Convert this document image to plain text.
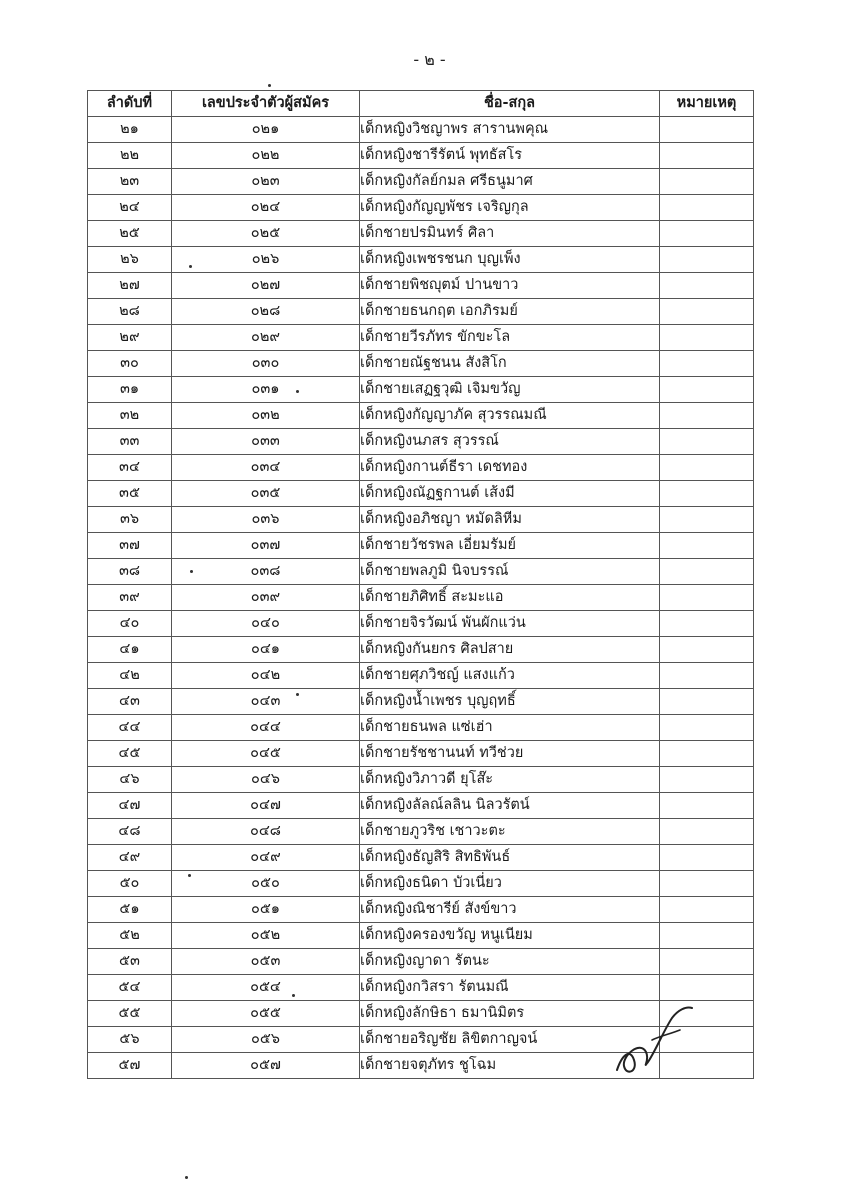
- ๒ -
ลำดับที่	เลขประจำตัวผู้สมัคร	ชื่อ-สกุล	หมายเหตุ
๒๑	๐๒๑	เด็กหญิงวิชญาพร สารานพคุณ	
๒๒	๐๒๒	เด็กหญิงชารีรัตน์ พุทธัสโร	
๒๓	๐๒๓	เด็กหญิงกัลย์กมล ศรีธนูมาศ	
๒๔	๐๒๔	เด็กหญิงกัญญพัชร เจริญกุล	
๒๕	๐๒๕	เด็กชายปรมินทร์ ศิลา	
๒๖	๐๒๖	เด็กหญิงเพชรชนก บุญเพ็ง	
๒๗	๐๒๗	เด็กชายพิชญุตม์ ปานขาว	
๒๘	๐๒๘	เด็กชายธนกฤต เอกภิรมย์	
๒๙	๐๒๙	เด็กชายวีรภัทร ขักขะโล	
๓๐	๐๓๐	เด็กชายณัฐชนน สังสิโก	
๓๑	๐๓๑	เด็กชายเสฏฐวุฒิ เจิมขวัญ	
๓๒	๐๓๒	เด็กหญิงกัญญาภัค สุวรรณมณี	
๓๓	๐๓๓	เด็กหญิงนภสร สุวรรณ์	
๓๔	๐๓๔	เด็กหญิงกานต์ธีรา เดชทอง	
๓๕	๐๓๕	เด็กหญิงณัฏฐกานต์ เส้งมี	
๓๖	๐๓๖	เด็กหญิงอภิชญา หมัดลิหีม	
๓๗	๐๓๗	เด็กชายวัชรพล เอี่ยมรัมย์	
๓๘	๐๓๘	เด็กชายพลภูมิ นิจบรรณ์	
๓๙	๐๓๙	เด็กชายภิศิทธิ์ สะมะแอ	
๔๐	๐๔๐	เด็กชายจิรวัฒน์ พันผักแว่น	
๔๑	๐๔๑	เด็กหญิงกันยกร ศิลปสาย	
๔๒	๐๔๒	เด็กชายศุภวิชญ์ แสงแก้ว	
๔๓	๐๔๓	เด็กหญิงน้ำเพชร บุญฤทธิ์	
๔๔	๐๔๔	เด็กชายธนพล แซ่เฮ่า	
๔๕	๐๔๕	เด็กชายรัชชานนท์ ทวีช่วย	
๔๖	๐๔๖	เด็กหญิงวิภาวดี ยุโส๊ะ	
๔๗	๐๔๗	เด็กหญิงลัลณ์ลลิน นิลวรัตน์	
๔๘	๐๔๘	เด็กชายภูวริช เชาวะตะ	
๔๙	๐๔๙	เด็กหญิงธัญสิริ สิทธิพันธ์	
๕๐	๐๕๐	เด็กหญิงธนิดา บัวเนี่ยว	
๕๑	๐๕๑	เด็กหญิงณิชารีย์ สังข์ขาว	
๕๒	๐๕๒	เด็กหญิงครองขวัญ หนูเนียม	
๕๓	๐๕๓	เด็กหญิงญาดา รัตนะ	
๕๔	๐๕๔	เด็กหญิงกวิสรา รัตนมณี	
๕๕	๐๕๕	เด็กหญิงลักษิธา ธมานิมิตร	
๕๖	๐๕๖	เด็กชายอริญชัย ลิขิตกาญจน์	
๕๗	๐๕๗	เด็กชายจตุภัทร ชูโฉม	
